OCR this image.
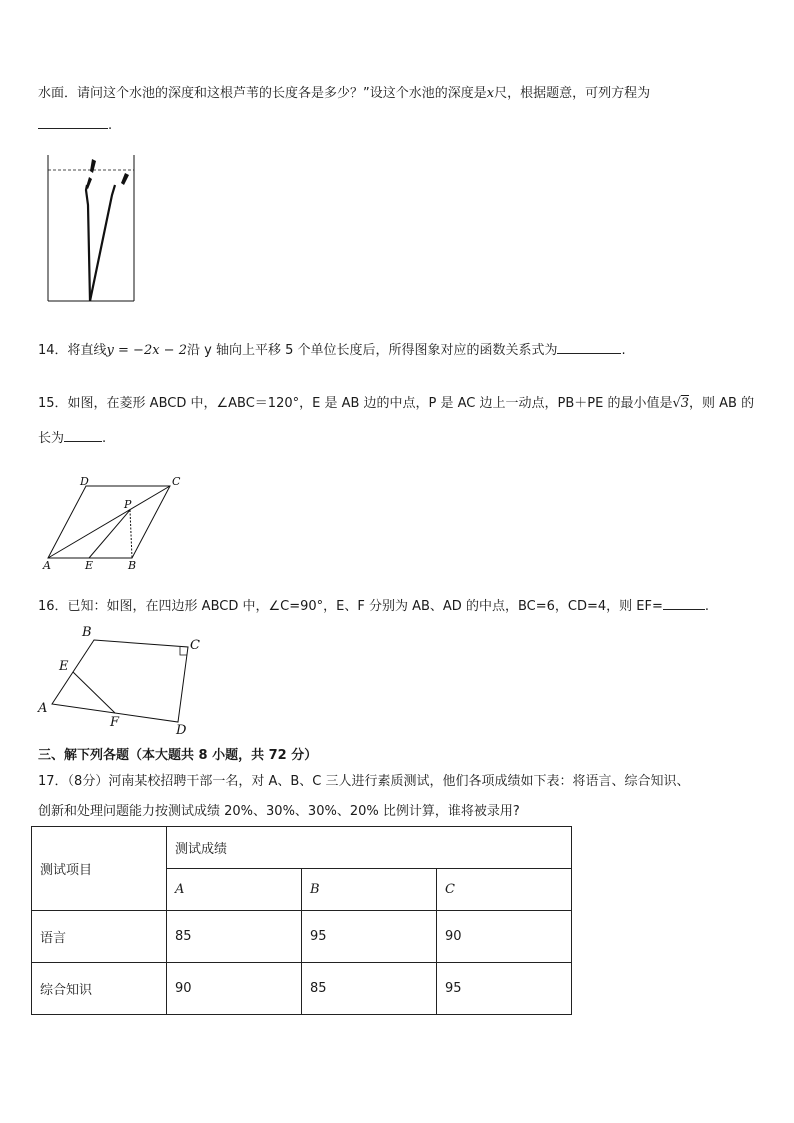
水面．请问这个水池的深度和这根芦苇的长度各是多少？”设这个水池的深度是x尺，根据题意，可列方程为
.
14．将直线y = −2x − 2沿 y 轴向上平移 5 个单位长度后，所得图象对应的函数关系式为	.
15．如图，在菱形 ABCD 中，∠ABC＝120°，E 是 AB 边的中点，P 是 AC 边上一动点，PB＋PE 的最小值是√3，则 AB 的
长为	.
D	C
P
A	E	B
16．已知：如图，在四边形 ABCD 中，∠C=90°，E、F 分别为 AB、AD 的中点，BC=6，CD=4，则 EF=	.
B
C
E
A
F
D
三、解下列各题（本大题共 8 小题，共 72 分）
17．（8分）河南某校招聘干部一名，对 A、B、C 三人进行素质测试，他们各项成绩如下表：将语言、综合知识、
创新和处理问题能力按测试成绩 20%、30%、30%、20% 比例计算，谁将被录用?
测试项目	测试成绩		
	A	B	C
语言	85	95	90
综合知识	90	85	95
